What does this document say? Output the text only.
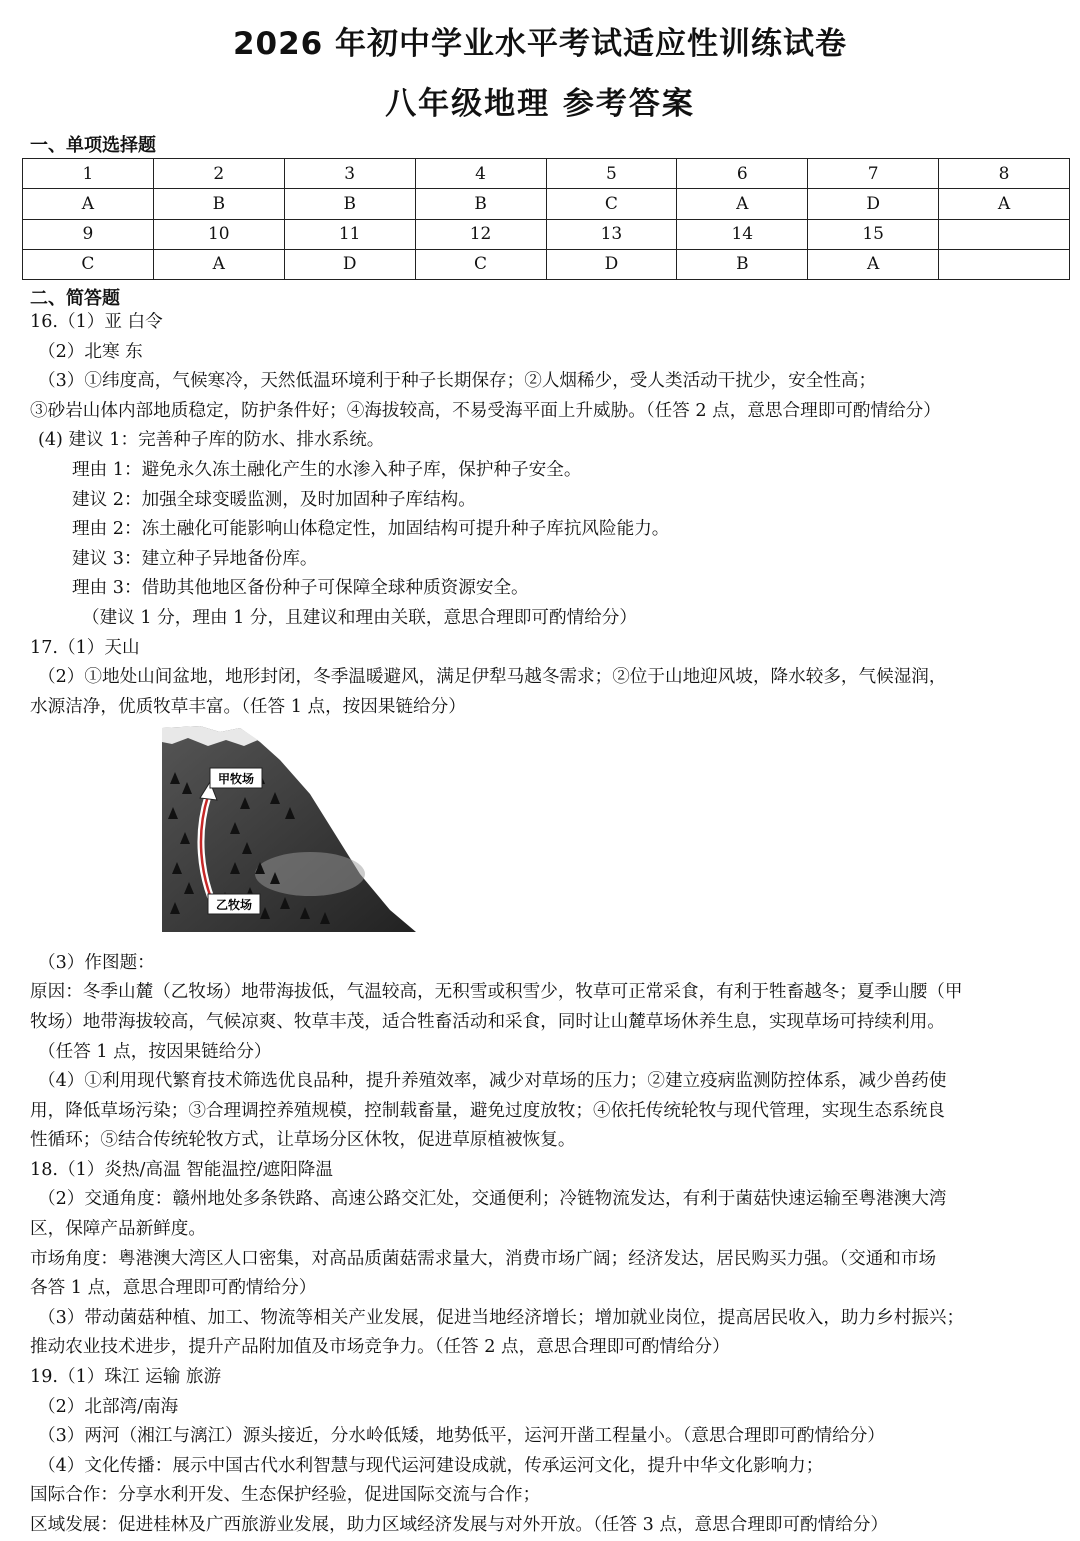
2026 年初中学业水平考试适应性训练试卷
八年级地理 参考答案
一、单项选择题
1	2	3	4	5	6	7	8
A	B	B	B	C	A	D	A
9	10	11	12	13	14	15	
C	A	D	C	D	B	A	
二、简答题
16.（1）亚 白令
（2）北寒 东
（3）①纬度高，气候寒冷，天然低温环境利于种子长期保存；②人烟稀少，受人类活动干扰少，安全性高；
③砂岩山体内部地质稳定，防护条件好；④海拔较高，不易受海平面上升威胁。（任答 2 点，意思合理即可酌情给分）
(4) 建议 1：完善种子库的防水、排水系统。
理由 1：避免永久冻土融化产生的水渗入种子库，保护种子安全。
建议 2：加强全球变暖监测，及时加固种子库结构。
理由 2：冻土融化可能影响山体稳定性，加固结构可提升种子库抗风险能力。
建议 3：建立种子异地备份库。
理由 3：借助其他地区备份种子可保障全球种质资源安全。
（建议 1 分，理由 1 分，且建议和理由关联，意思合理即可酌情给分）
17.（1）天山
（2）①地处山间盆地，地形封闭，冬季温暖避风，满足伊犁马越冬需求；②位于山地迎风坡，降水较多，气候湿润，
水源洁净，优质牧草丰富。（任答 1 点，按因果链给分）
（3）作图题：
甲牧场
乙牧场
原因：冬季山麓（乙牧场）地带海拔低，气温较高，无积雪或积雪少，牧草可正常采食，有利于牲畜越冬；夏季山腰（甲
牧场）地带海拔较高，气候凉爽、牧草丰茂，适合牲畜活动和采食，同时让山麓草场休养生息，实现草场可持续利用。
（任答 1 点，按因果链给分）
（4）①利用现代繁育技术筛选优良品种，提升养殖效率，减少对草场的压力；②建立疫病监测防控体系，减少兽药使
用，降低草场污染；③合理调控养殖规模，控制载畜量，避免过度放牧；④依托传统轮牧与现代管理，实现生态系统良
性循环；⑤结合传统轮牧方式，让草场分区休牧，促进草原植被恢复。
18.（1）炎热/高温 智能温控/遮阳降温
（2）交通角度：赣州地处多条铁路、高速公路交汇处，交通便利；冷链物流发达，有利于菌菇快速运输至粤港澳大湾
区，保障产品新鲜度。
市场角度：粤港澳大湾区人口密集，对高品质菌菇需求量大，消费市场广阔；经济发达，居民购买力强。（交通和市场
各答 1 点，意思合理即可酌情给分）
（3）带动菌菇种植、加工、物流等相关产业发展，促进当地经济增长；增加就业岗位，提高居民收入，助力乡村振兴；
推动农业技术进步，提升产品附加值及市场竞争力。（任答 2 点，意思合理即可酌情给分）
19.（1）珠江 运输 旅游
（2）北部湾/南海
（3）两河（湘江与漓江）源头接近，分水岭低矮，地势低平，运河开凿工程量小。（意思合理即可酌情给分）
（4）文化传播：展示中国古代水利智慧与现代运河建设成就，传承运河文化，提升中华文化影响力；
国际合作：分享水利开发、生态保护经验，促进国际交流与合作；
区域发展：促进桂林及广西旅游业发展，助力区域经济发展与对外开放。（任答 3 点，意思合理即可酌情给分）
